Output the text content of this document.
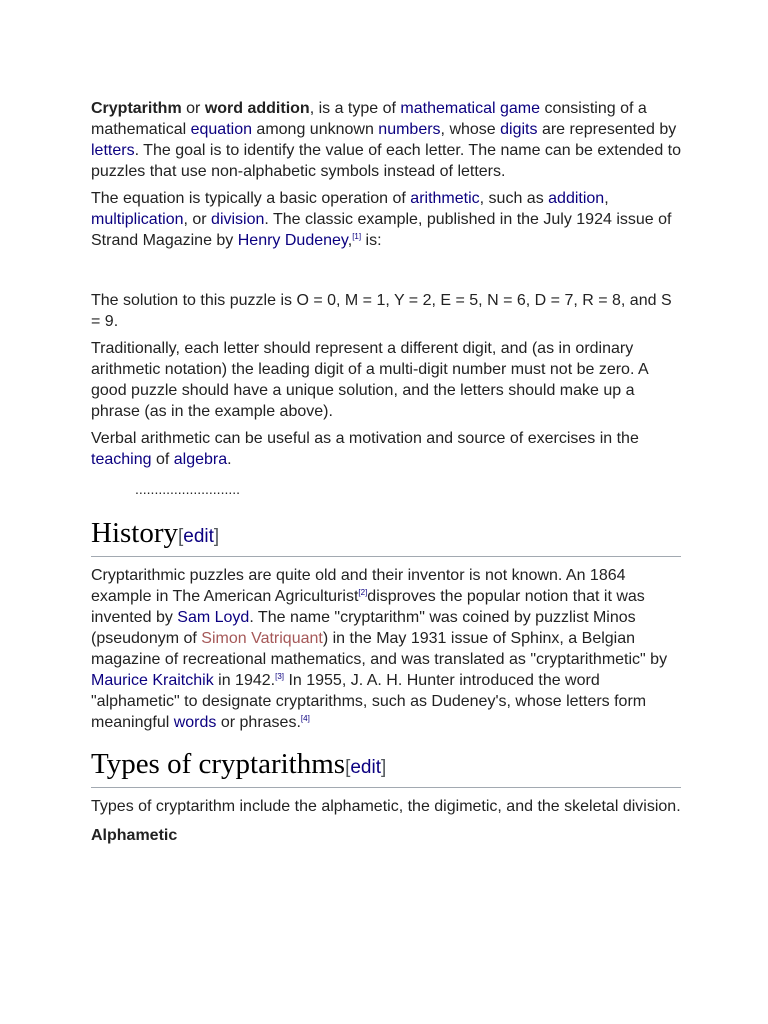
Cryptarithm or word addition, is a type of mathematical game consisting of a mathematical equation among unknown numbers, whose digits are represented by letters. The goal is to identify the value of each letter. The name can be extended to puzzles that use non-alphabetic symbols instead of letters.

The equation is typically a basic operation of arithmetic, such as addition, multiplication, or division. The classic example, published in the July 1924 issue of Strand Magazine by Henry Dudeney,[1] is:

The solution to this puzzle is O = 0, M = 1, Y = 2, E = 5, N = 6, D = 7, R = 8, and S = 9.

Traditionally, each letter should represent a different digit, and (as in ordinary arithmetic notation) the leading digit of a multi-digit number must not be zero. A good puzzle should have a unique solution, and the letters should make up a phrase (as in the example above).

Verbal arithmetic can be useful as a motivation and source of exercises in the teaching of algebra.

...........................
History[edit]

Cryptarithmic puzzles are quite old and their inventor is not known. An 1864 example in The American Agriculturist[2]disproves the popular notion that it was invented by Sam Loyd. The name "cryptarithm" was coined by puzzlist Minos (pseudonym of Simon Vatriquant) in the May 1931 issue of Sphinx, a Belgian magazine of recreational mathematics, and was translated as "cryptarithmetic" by Maurice Kraitchik in 1942.[3] In 1955, J. A. H. Hunter introduced the word "alphametic" to designate cryptarithms, such as Dudeney's, whose letters form meaningful words or phrases.[4]

Types of cryptarithms[edit]

Types of cryptarithm include the alphametic, the digimetic, and the skeletal division.

Alphametic
